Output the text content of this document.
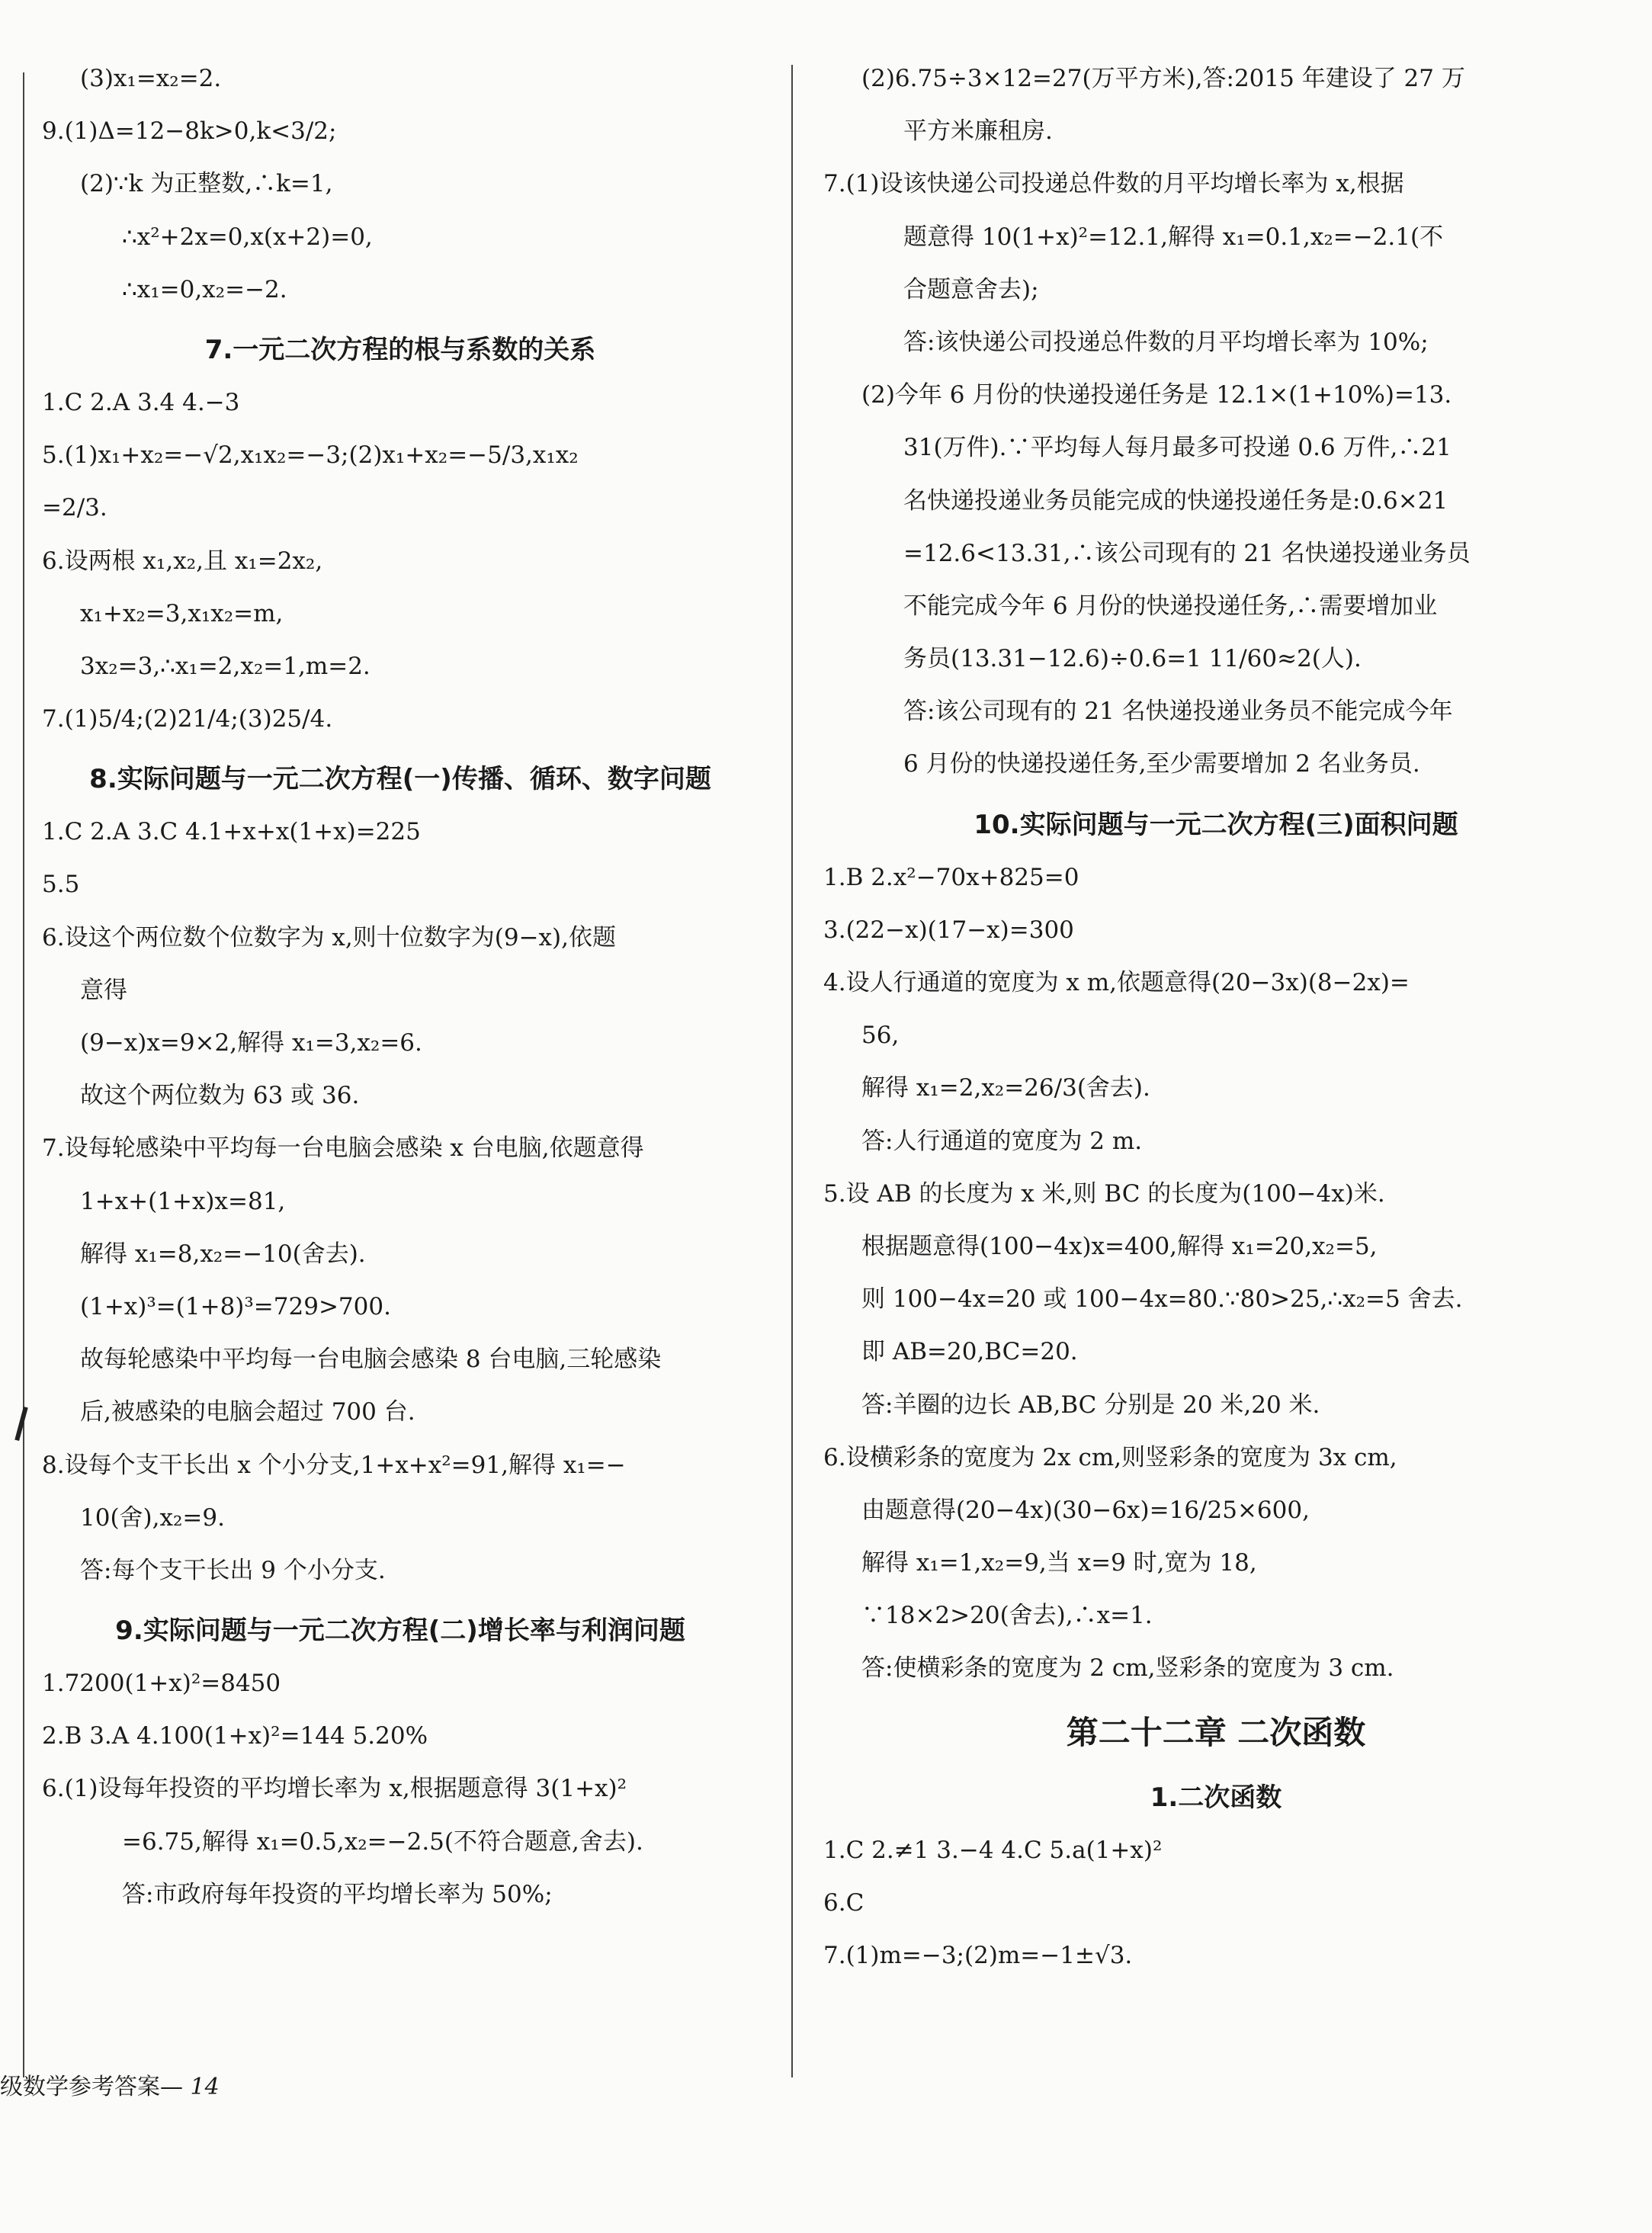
(3)x₁=x₂=2.
9.(1)Δ=12−8k>0,k<3/2;
(2)∵k 为正整数,∴k=1,
∴x²+2x=0,x(x+2)=0,
∴x₁=0,x₂=−2.
7.一元二次方程的根与系数的关系
1.C 2.A 3.4 4.−3
5.(1)x₁+x₂=−√2,x₁x₂=−3;(2)x₁+x₂=−5/3,x₁x₂
=2/3.
6.设两根 x₁,x₂,且 x₁=2x₂,
x₁+x₂=3,x₁x₂=m,
3x₂=3,∴x₁=2,x₂=1,m=2.
7.(1)5/4;(2)21/4;(3)25/4.
8.实际问题与一元二次方程(一)传播、循环、数字问题
1.C 2.A 3.C 4.1+x+x(1+x)=225
5.5
6.设这个两位数个位数字为 x,则十位数字为(9−x),依题
意得
(9−x)x=9×2,解得 x₁=3,x₂=6.
故这个两位数为 63 或 36.
7.设每轮感染中平均每一台电脑会感染 x 台电脑,依题意得
1+x+(1+x)x=81,
解得 x₁=8,x₂=−10(舍去).
(1+x)³=(1+8)³=729>700.
故每轮感染中平均每一台电脑会感染 8 台电脑,三轮感染
后,被感染的电脑会超过 700 台.
8.设每个支干长出 x 个小分支,1+x+x²=91,解得 x₁=−
10(舍),x₂=9.
答:每个支干长出 9 个小分支.
9.实际问题与一元二次方程(二)增长率与利润问题
1.7200(1+x)²=8450
2.B 3.A 4.100(1+x)²=144 5.20%
6.(1)设每年投资的平均增长率为 x,根据题意得 3(1+x)²
=6.75,解得 x₁=0.5,x₂=−2.5(不符合题意,舍去).
答:市政府每年投资的平均增长率为 50%;
(2)6.75÷3×12=27(万平方米),答:2015 年建设了 27 万
平方米廉租房.
7.(1)设该快递公司投递总件数的月平均增长率为 x,根据
题意得 10(1+x)²=12.1,解得 x₁=0.1,x₂=−2.1(不
合题意舍去);
答:该快递公司投递总件数的月平均增长率为 10%;
(2)今年 6 月份的快递投递任务是 12.1×(1+10%)=13.
31(万件).∵平均每人每月最多可投递 0.6 万件,∴21
名快递投递业务员能完成的快递投递任务是:0.6×21
=12.6<13.31,∴该公司现有的 21 名快递投递业务员
不能完成今年 6 月份的快递投递任务,∴需要增加业
务员(13.31−12.6)÷0.6=1 11/60≈2(人).
答:该公司现有的 21 名快递投递业务员不能完成今年
6 月份的快递投递任务,至少需要增加 2 名业务员.
10.实际问题与一元二次方程(三)面积问题
1.B 2.x²−70x+825=0
3.(22−x)(17−x)=300
4.设人行通道的宽度为 x m,依题意得(20−3x)(8−2x)=
56,
解得 x₁=2,x₂=26/3(舍去).
答:人行通道的宽度为 2 m.
5.设 AB 的长度为 x 米,则 BC 的长度为(100−4x)米.
根据题意得(100−4x)x=400,解得 x₁=20,x₂=5,
则 100−4x=20 或 100−4x=80.∵80>25,∴x₂=5 舍去.
即 AB=20,BC=20.
答:羊圈的边长 AB,BC 分别是 20 米,20 米.
6.设横彩条的宽度为 2x cm,则竖彩条的宽度为 3x cm,
由题意得(20−4x)(30−6x)=16/25×600,
解得 x₁=1,x₂=9,当 x=9 时,宽为 18,
∵18×2>20(舍去),∴x=1.
答:使横彩条的宽度为 2 cm,竖彩条的宽度为 3 cm.
第二十二章 二次函数
1.二次函数
1.C 2.≠1 3.−4 4.C 5.a(1+x)²
6.C
7.(1)m=−3;(2)m=−1±√3.
级数学参考答案— 14
